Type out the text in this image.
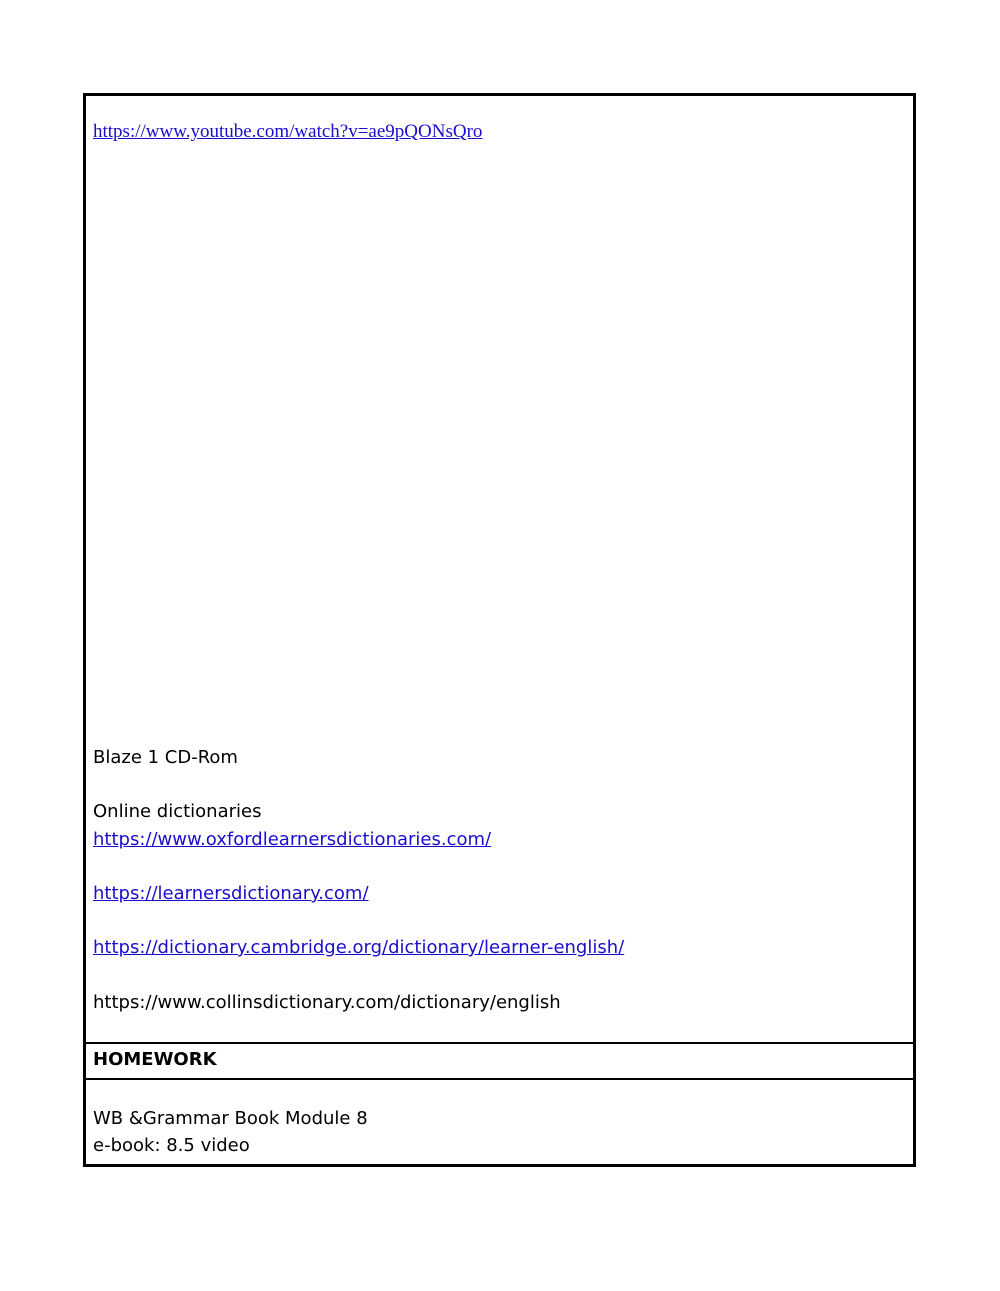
https://www.youtube.com/watch?v=ae9pQONsQro
Blaze 1 CD-Rom
Online dictionaries
https://www.oxfordlearnersdictionaries.com/
https://learnersdictionary.com/
https://dictionary.cambridge.org/dictionary/learner-english/
https://www.collinsdictionary.com/dictionary/english
HOMEWORK
WB &Grammar Book Module 8
e-book: 8.5 video
